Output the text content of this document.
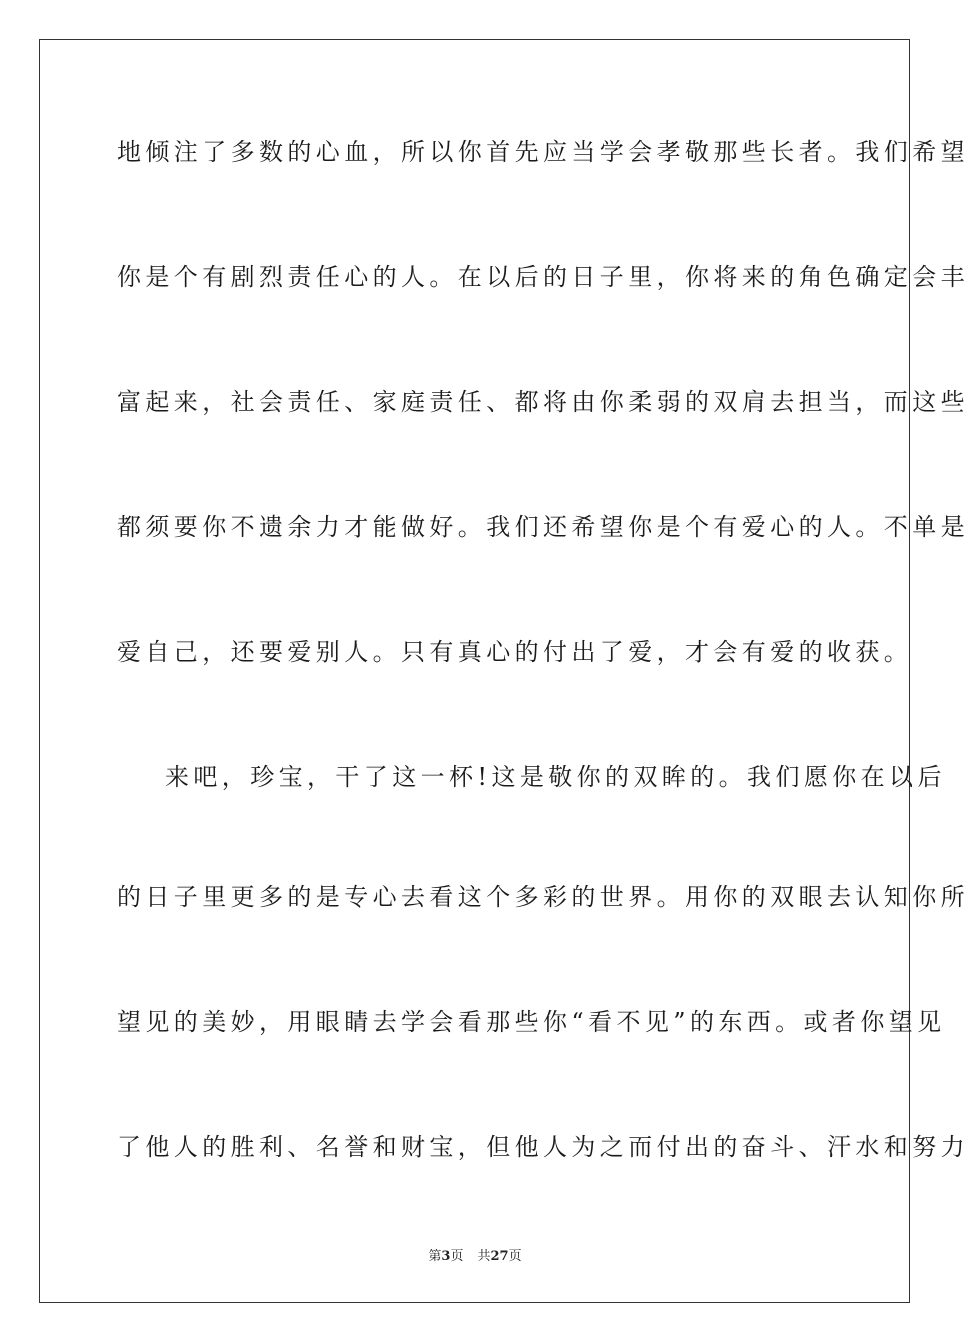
地倾注了多数的心血，所以你首先应当学会孝敬那些长者。我们希望
你是个有剧烈责任心的人。在以后的日子里，你将来的角色确定会丰
富起来，社会责任、家庭责任、都将由你柔弱的双肩去担当，而这些
都须要你不遗余力才能做好。我们还希望你是个有爱心的人。不单是
爱自己，还要爱别人。只有真心的付出了爱，才会有爱的收获。
来吧，珍宝，干了这一杯!这是敬你的双眸的。我们愿你在以后
的日子里更多的是专心去看这个多彩的世界。用你的双眼去认知你所
望见的美妙，用眼睛去学会看那些你“看不见”的东西。或者你望见
了他人的胜利、名誉和财宝，但他人为之而付出的奋斗、汗水和努力
第3页 共27页
